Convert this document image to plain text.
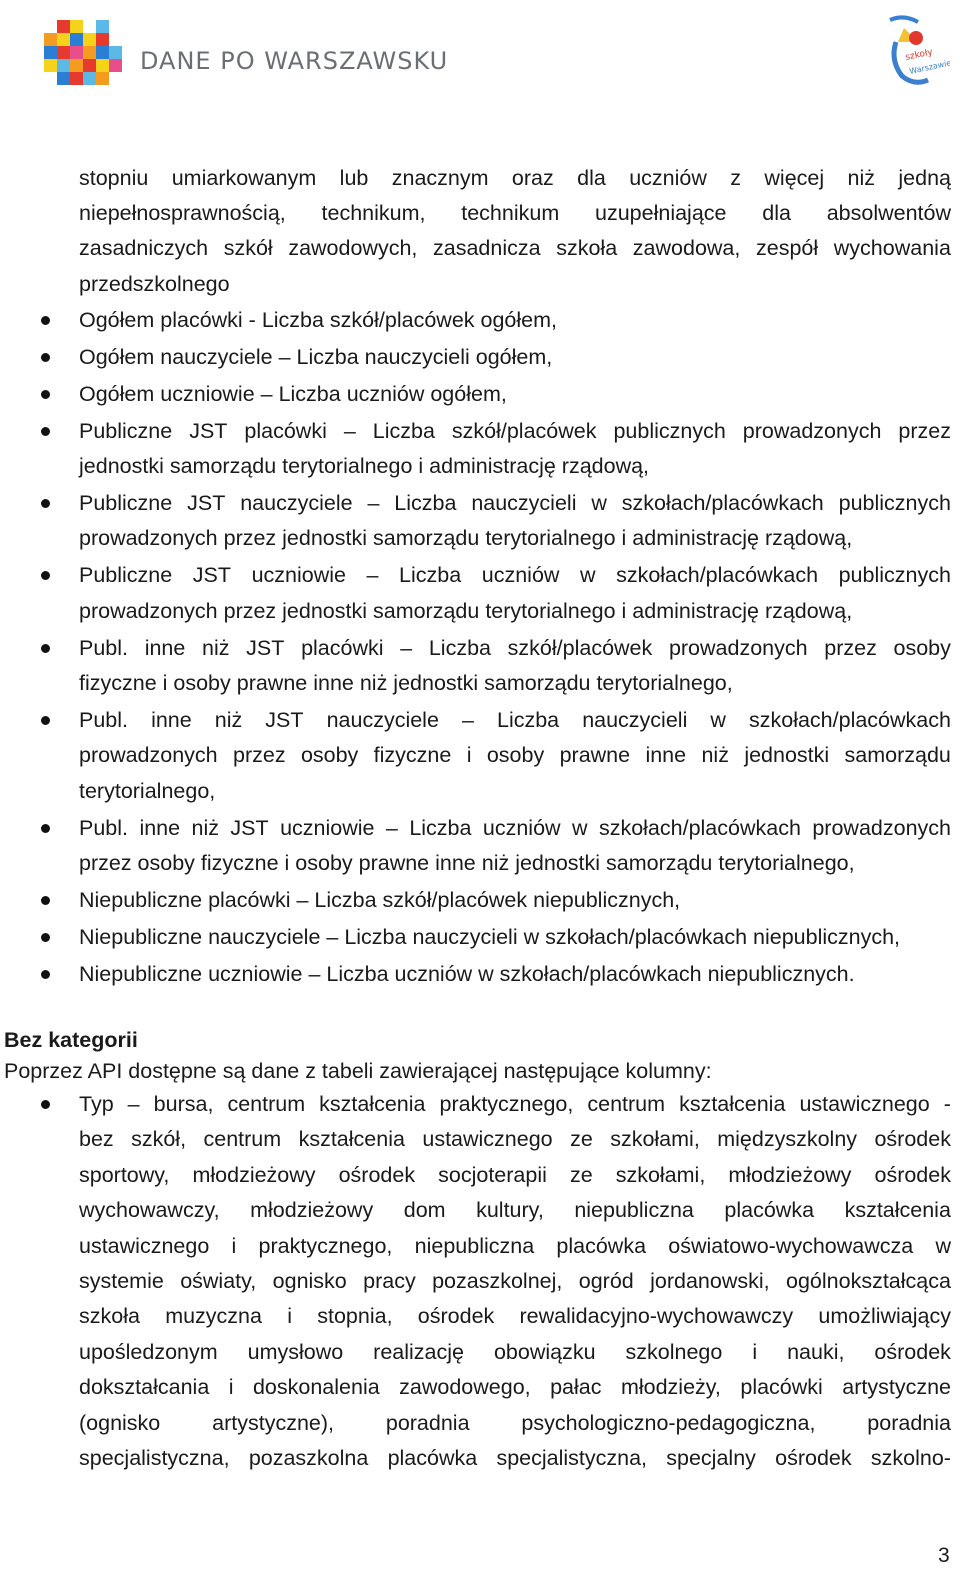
DANE PO WARSZAWSKU	szkoły
Warszawie
stopniu umiarkowanym lub znacznym oraz dla uczniów z więcej niż jedną
niepełnosprawnością, technikum, technikum uzupełniające dla absolwentów
zasadniczych szkół zawodowych, zasadnicza szkoła zawodowa, zespół wychowania
przedszkolnego
Ogółem placówki - Liczba szkół/placówek ogółem,
Ogółem nauczyciele – Liczba nauczycieli ogółem,
Ogółem uczniowie – Liczba uczniów ogółem,
Publiczne JST placówki – Liczba szkół/placówek publicznych prowadzonych przez
jednostki samorządu terytorialnego i administrację rządową,
Publiczne JST nauczyciele – Liczba nauczycieli w szkołach/placówkach publicznych
prowadzonych przez jednostki samorządu terytorialnego i administrację rządową,
Publiczne JST uczniowie – Liczba uczniów w szkołach/placówkach publicznych
prowadzonych przez jednostki samorządu terytorialnego i administrację rządową,
Publ. inne niż JST placówki – Liczba szkół/placówek prowadzonych przez osoby
fizyczne i osoby prawne inne niż jednostki samorządu terytorialnego,
Publ. inne niż JST nauczyciele – Liczba nauczycieli w szkołach/placówkach
prowadzonych przez osoby fizyczne i osoby prawne inne niż jednostki samorządu
terytorialnego,
Publ. inne niż JST uczniowie – Liczba uczniów w szkołach/placówkach prowadzonych
przez osoby fizyczne i osoby prawne inne niż jednostki samorządu terytorialnego,
Niepubliczne placówki – Liczba szkół/placówek niepublicznych,
Niepubliczne nauczyciele – Liczba nauczycieli w szkołach/placówkach niepublicznych,
Niepubliczne uczniowie – Liczba uczniów w szkołach/placówkach niepublicznych.
Typ – bursa, centrum kształcenia praktycznego, centrum kształcenia ustawicznego -
bez szkół, centrum kształcenia ustawicznego ze szkołami, międzyszkolny ośrodek
sportowy, młodzieżowy ośrodek socjoterapii ze szkołami, młodzieżowy ośrodek
wychowawczy, młodzieżowy dom kultury, niepubliczna placówka kształcenia
ustawicznego i praktycznego, niepubliczna placówka oświatowo-wychowawcza w
systemie oświaty, ognisko pracy pozaszkolnej, ogród jordanowski, ogólnokształcąca
szkoła muzyczna i stopnia, ośrodek rewalidacyjno-wychowawczy umożliwiający
upośledzonym umysłowo realizację obowiązku szkolnego i nauki, ośrodek
dokształcania i doskonalenia zawodowego, pałac młodzieży, placówki artystyczne
(ognisko artystyczne), poradnia psychologiczno-pedagogiczna, poradnia
specjalistyczna, pozaszkolna placówka specjalistyczna, specjalny ośrodek szkolno-
Bez kategorii
Poprzez API dostępne są dane z tabeli zawierającej następujące kolumny:
3
